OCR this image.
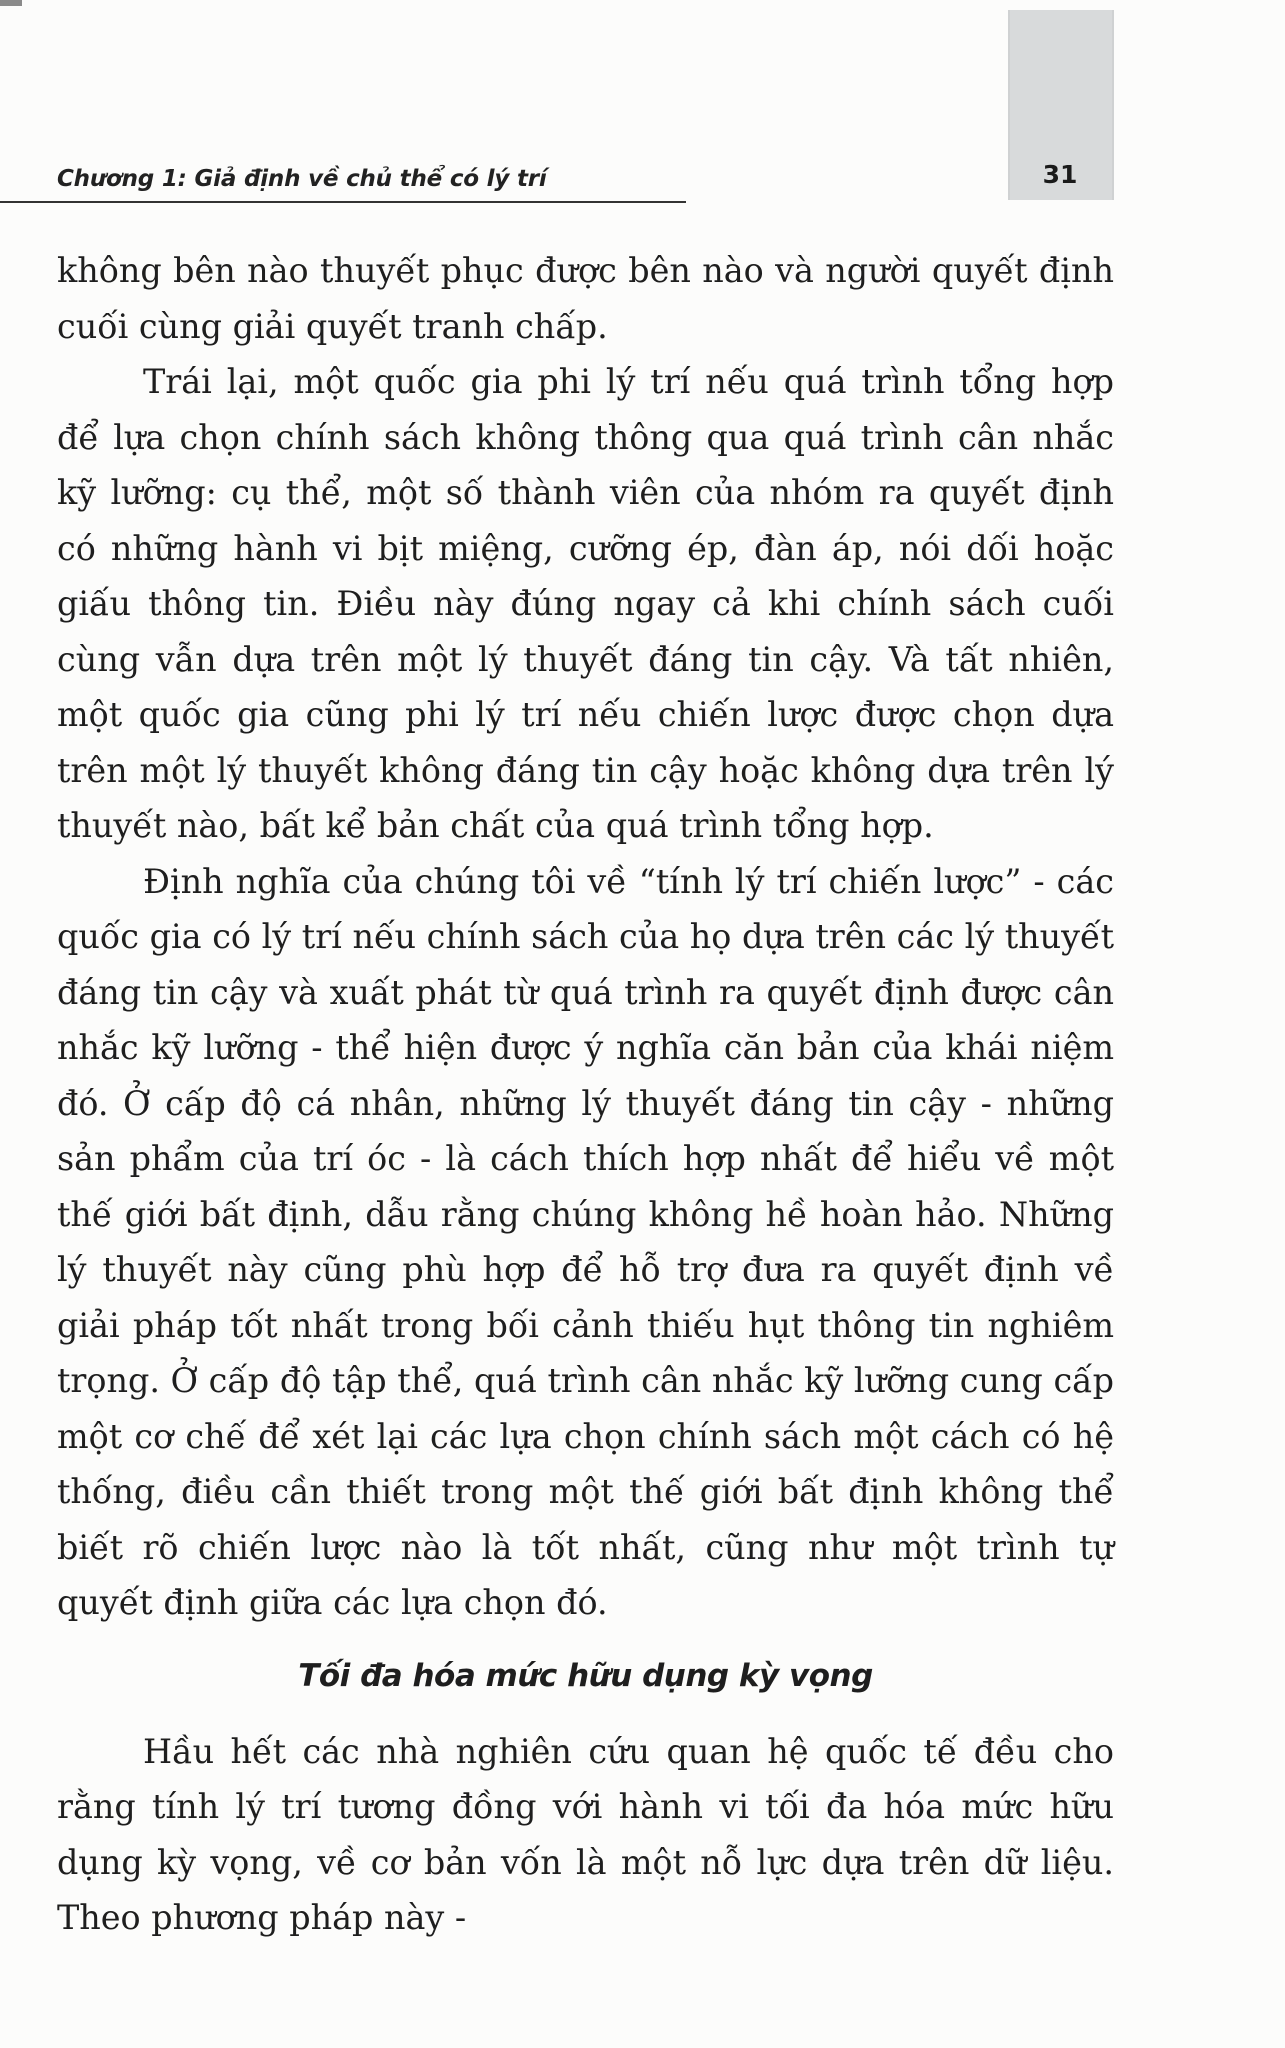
Chương 1: Giả định về chủ thể có lý trí	31

không bên nào thuyết phục được bên nào và người quyết định cuối cùng giải quyết tranh chấp.

Trái lại, một quốc gia phi lý trí nếu quá trình tổng hợp để lựa chọn chính sách không thông qua quá trình cân nhắc kỹ lưỡng: cụ thể, một số thành viên của nhóm ra quyết định có những hành vi bịt miệng, cưỡng ép, đàn áp, nói dối hoặc giấu thông tin. Điều này đúng ngay cả khi chính sách cuối cùng vẫn dựa trên một lý thuyết đáng tin cậy. Và tất nhiên, một quốc gia cũng phi lý trí nếu chiến lược được chọn dựa trên một lý thuyết không đáng tin cậy hoặc không dựa trên lý thuyết nào, bất kể bản chất của quá trình tổng hợp.

Định nghĩa của chúng tôi về “tính lý trí chiến lược” - các quốc gia có lý trí nếu chính sách của họ dựa trên các lý thuyết đáng tin cậy và xuất phát từ quá trình ra quyết định được cân nhắc kỹ lưỡng - thể hiện được ý nghĩa căn bản của khái niệm đó. Ở cấp độ cá nhân, những lý thuyết đáng tin cậy - những sản phẩm của trí óc - là cách thích hợp nhất để hiểu về một thế giới bất định, dẫu rằng chúng không hề hoàn hảo. Những lý thuyết này cũng phù hợp để hỗ trợ đưa ra quyết định về giải pháp tốt nhất trong bối cảnh thiếu hụt thông tin nghiêm trọng. Ở cấp độ tập thể, quá trình cân nhắc kỹ lưỡng cung cấp một cơ chế để xét lại các lựa chọn chính sách một cách có hệ thống, điều cần thiết trong một thế giới bất định không thể biết rõ chiến lược nào là tốt nhất, cũng như một trình tự quyết định giữa các lựa chọn đó.

Tối đa hóa mức hữu dụng kỳ vọng

Hầu hết các nhà nghiên cứu quan hệ quốc tế đều cho rằng tính lý trí tương đồng với hành vi tối đa hóa mức hữu dụng kỳ vọng, về cơ bản vốn là một nỗ lực dựa trên dữ liệu. Theo phương pháp này -
